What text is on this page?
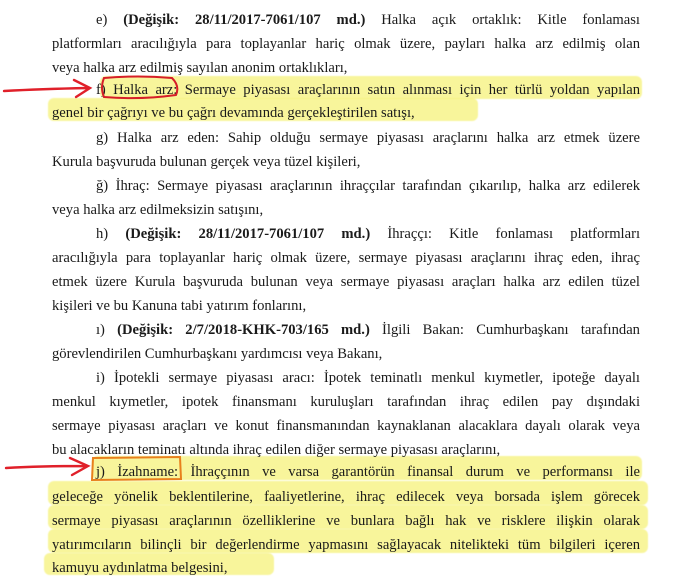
e) (Değişik: 28/11/2017-7061/107 md.) Halka açık ortaklık: Kitle fonlaması
platformları aracılığıyla para toplayanlar hariç olmak üzere, payları halka arz edilmiş olan
veya halka arz edilmiş sayılan anonim ortaklıkları,
f) Halka arz: Sermaye piyasası araçlarının satın alınması için her türlü yoldan yapılan
genel bir çağrıyı ve bu çağrı devamında gerçekleştirilen satışı,
g) Halka arz eden: Sahip olduğu sermaye piyasası araçlarını halka arz etmek üzere
Kurula başvuruda bulunan gerçek veya tüzel kişileri,
ğ) İhraç: Sermaye piyasası araçlarının ihraççılar tarafından çıkarılıp, halka arz edilerek
veya halka arz edilmeksizin satışını,
h) (Değişik: 28/11/2017-7061/107 md.) İhraççı: Kitle fonlaması platformları
aracılığıyla para toplayanlar hariç olmak üzere, sermaye piyasası araçlarını ihraç eden, ihraç
etmek üzere Kurula başvuruda bulunan veya sermaye piyasası araçları halka arz edilen tüzel
kişileri ve bu Kanuna tabi yatırım fonlarını,
ı) (Değişik: 2/7/2018-KHK-703/165 md.) İlgili Bakan: Cumhurbaşkanı tarafından
görevlendirilen Cumhurbaşkanı yardımcısı veya Bakanı,
i) İpotekli sermaye piyasası aracı: İpotek teminatlı menkul kıymetler, ipoteğe dayalı
menkul kıymetler, ipotek finansmanı kuruluşları tarafından ihraç edilen pay dışındaki
sermaye piyasası araçları ve konut finansmanından kaynaklanan alacaklara dayalı olarak veya
bu alacakların teminatı altında ihraç edilen diğer sermaye piyasası araçlarını,
j) İzahname: İhraççının ve varsa garantörün finansal durum ve performansı ile
geleceğe yönelik beklentilerine, faaliyetlerine, ihraç edilecek veya borsada işlem görecek
sermaye piyasası araçlarının özelliklerine ve bunlara bağlı hak ve risklere ilişkin olarak
yatırımcıların bilinçli bir değerlendirme yapmasını sağlayacak nitelikteki tüm bilgileri içeren
kamuyu aydınlatma belgesini,
